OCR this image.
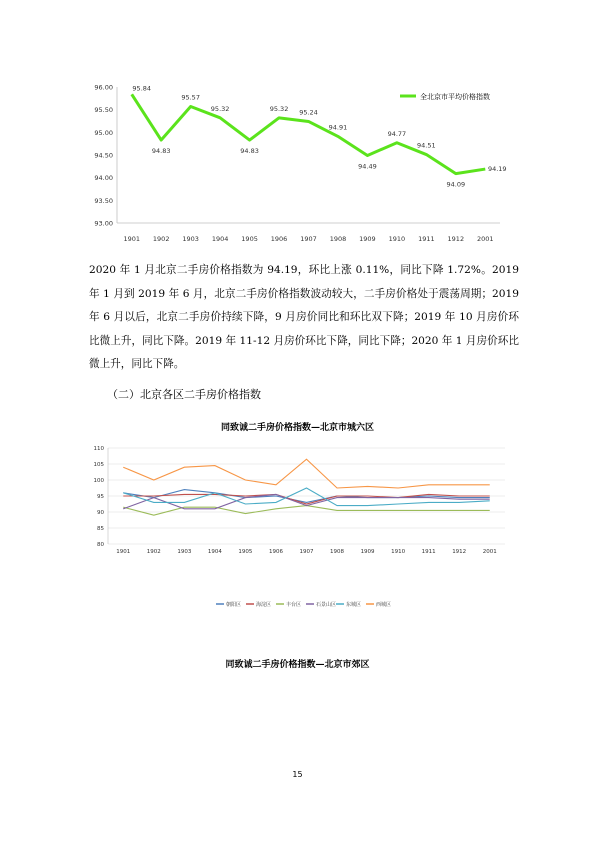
96.00
95.50
95.00
94.50
94.00
93.50
93.00
1901 1902 1903 1904 1905 1906 1907 1908 1909 1910 1911 1912 2001
95.84
94.83
95.57
95.32
94.83
95.32 95.24
94.91
94.49
94.77
94.51
94.09
94.19
全北京市平均价格指数

2020 年 1 月北京二手房价格指数为 94.19，环比上涨 0.11%，同比下降 1.72%。2019 年 1 月到 2019 年 6 月，北京二手房价格指数波动较大，二手房价格处于震荡周期；2019 年 6 月以后，北京二手房价持续下降，9 月房价同比和环比双下降；2019 年 10 月房价环比微上升，同比下降。2019 年 11-12 月房价环比下降，同比下降；2020 年 1 月房价环比微上升，同比下降。

（二）北京各区二手房价格指数

同致诚二手房价格指数—北京市城六区

110
105
100
95
90
85
80
1901	1902	1903	1904	1905	1906	1907	1908	1909	1910	1911	1912	2001
朝阳区	海淀区	丰台区	石景山区 东城区	西城区

同致诚二手房价格指数—北京市郊区

15
